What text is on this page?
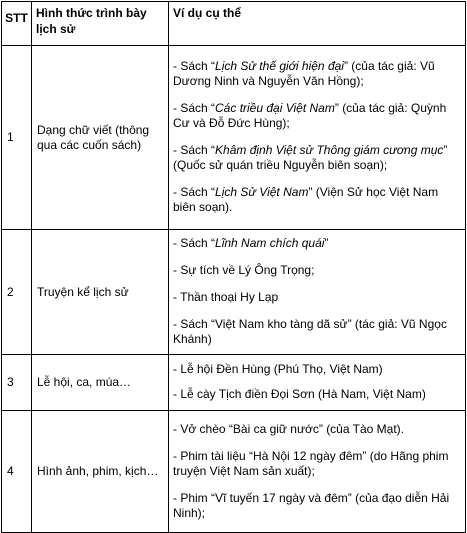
STT	Hình thức trình bày lịch sử	Ví dụ cụ thể
1	Dạng chữ viết (thông qua các cuốn sách)	- Sách “Lịch Sử thế giới hiện đại” (của tác giả: Vũ Dương Ninh và Nguyễn Văn Hồng);

- Sách “Các triều đại Việt Nam” (của tác giả: Quỳnh Cư và Đỗ Đức Hùng);

- Sách “Khâm định Việt sử Thông giám cương mục” (Quốc sử quán triều Nguyễn biên soạn);

- Sách “Lịch Sử Việt Nam” (Viện Sử học Việt Nam biên soạn).

2	Truyện kể lịch sử	- Sách “Lĩnh Nam chích quái”

- Sự tích về Lý Ông Trọng;

- Thần thoại Hy Lạp

- Sách “Việt Nam kho tàng dã sử” (tác giả: Vũ Ngọc Khánh)

3	Lễ hội, ca, múa…	- Lễ hội Đền Hùng (Phú Thọ, Việt Nam)

- Lễ cày Tịch điền Đọi Sơn (Hà Nam, Việt Nam)

4	Hình ảnh, phim, kịch…	- Vở chèo “Bài ca giữ nước” (của Tào Mạt).

- Phim tài liệu “Hà Nội 12 ngày đêm” (do Hãng phim truyện Việt Nam sản xuất);

- Phim “Vĩ tuyến 17 ngày và đêm” (của đạo diễn Hải Ninh);
